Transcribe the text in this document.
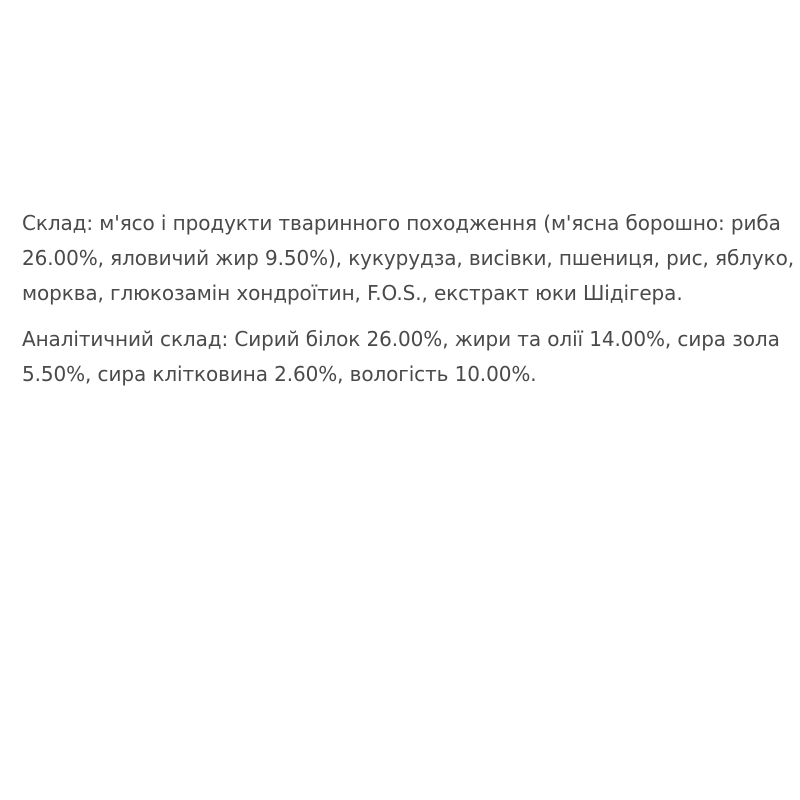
Склад: м'ясо і продукти тваринного походження (м'ясна борошно: риба 26.00%, яловичий жир 9.50%), кукурудза, висівки, пшениця, рис, яблуко, морква, глюкозамін хондроїтин, F.O.S., екстракт юки Шідігера.

Аналітичний склад: Сирий білок 26.00%, жири та олії 14.00%, сира зола 5.50%, сира клітковина 2.60%, вологість 10.00%.
